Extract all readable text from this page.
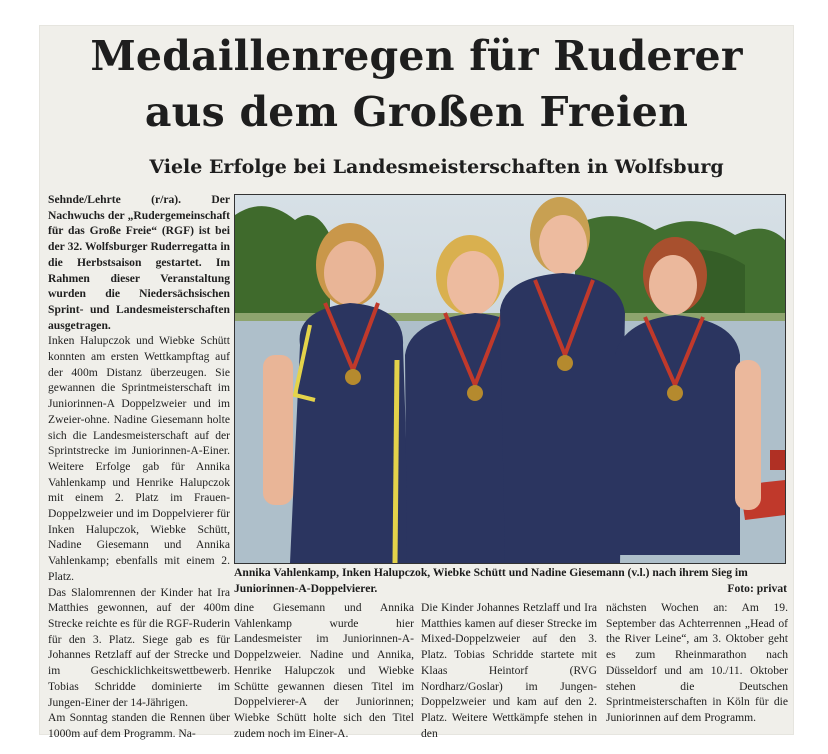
Medaillenregen für Ruderer
aus dem Großen Freien
Viele Erfolge bei Landesmeisterschaften in Wolfsburg

Sehnde/Lehrte (r/ra). Der Nachwuchs der „Rudergemeinschaft für das Große Freie“ (RGF) ist bei der 32. Wolfsburger Ruderregatta in die Herbstsaison gestartet. Im Rahmen dieser Veranstaltung wurden die Niedersächsischen Sprint- und Landesmeisterschaften ausgetragen.

Inken Halupczok und Wiebke Schütt konnten am ersten Wettkampftag auf der 400m Distanz überzeugen. Sie gewannen die Sprintmeisterschaft im Juniorinnen-A Doppelzweier und im Zweier-ohne. Nadine Giesemann holte sich die Landesmeisterschaft auf der Sprintstrecke im Juniorinnen-A-Einer. Weitere Erfolge gab für Annika Vahlenkamp und Henrike Halupczok mit einem 2. Platz im Frauen-Doppelzweier und im Doppelvierer für Inken Halupczok, Wiebke Schütt, Nadine Giesemann und Annika Vahlenkamp; ebenfalls mit einem 2. Platz.

Das Slalomrennen der Kinder hat Ira Matthies gewonnen, auf der 400m Strecke reichte es für die RGF-Ruderin für den 3. Platz. Siege gab es für Johannes Retzlaff auf der Strecke und im Geschicklichkeitswettbewerb. Tobias Schridde dominierte im Jungen-Einer der 14-Jährigen.

Am Sonntag standen die Rennen über 1000m auf dem Programm. Na-

Annika Vahlenkamp, Inken Halupczok, Wiebke Schütt und Nadine Giesemann (v.l.) nach ihrem Sieg im Juniorinnen-A-Doppelvierer.	Foto: privat

dine Giesemann und Annika Vahlenkamp wurde hier Landesmeister im Juniorinnen-A-Doppelzweier. Nadine und Annika, Henrike Halupczok und Wiebke Schütte gewannen diesen Titel im Doppelvierer-A der Juniorinnen; Wiebke Schütt holte sich den Titel zudem noch im Einer-A.

Die Kinder Johannes Retzlaff und Ira Matthies kamen auf dieser Strecke im Mixed-Doppelzweier auf den 3. Platz. Tobias Schridde startete mit Klaas Heintorf (RVG Nordharz/Goslar) im Jungen-Doppelzweier und kam auf den 2. Platz. Weitere Wettkämpfe stehen in den

nächsten Wochen an: Am 19. September das Achterrennen „Head of the River Leine“, am 3. Oktober geht es zum Rheinmarathon nach Düsseldorf und am 10./11. Oktober stehen die Deutschen Sprintmeisterschaften in Köln für die Juniorinnen auf dem Programm.
